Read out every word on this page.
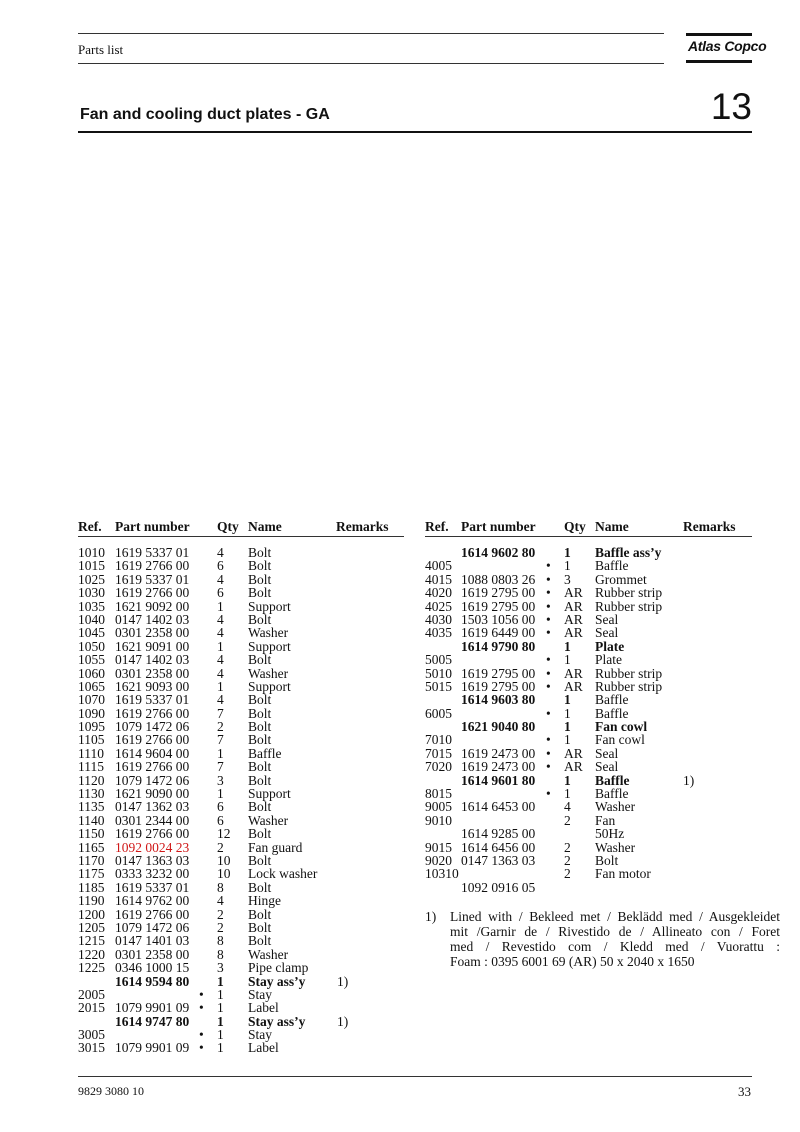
Parts list	Atlas Copco
Fan and cooling duct plates - GA	13
Ref. Part number Qty Name	Remarks
1010 1619 5337 01 4 Bolt
1015 1619 2766 00 6 Bolt
1025 1619 5337 01 4 Bolt
1030 1619 2766 00 6 Bolt
1035 1621 9092 00 1 Support
1040 0147 1402 03 4 Bolt
1045 0301 2358 00 4 Washer
1050 1621 9091 00 1 Support
1055 0147 1402 03 4 Bolt
1060 0301 2358 00 4 Washer
1065 1621 9093 00 1 Support
1070 1619 5337 01 4 Bolt
1090 1619 2766 00 7 Bolt
1095 1079 1472 06 2 Bolt
1105 1619 2766 00 7 Bolt
1110 1614 9604 00 1 Baffle
1115 1619 2766 00 7 Bolt
1120 1079 1472 06 3 Bolt
1130 1621 9090 00 1 Support
1135 0147 1362 03 6 Bolt
1140 0301 2344 00 6 Washer
1150 1619 2766 00 12 Bolt
1165 1092 0024 23 2 Fan guard
1170 0147 1363 03 10 Bolt
1175 0333 3232 00 10 Lock washer
1185 1619 5337 01 8 Bolt
1190 1614 9762 00 4 Hinge
1200 1619 2766 00 2 Bolt
1205 1079 1472 06 2 Bolt
1215 0147 1401 03 8 Bolt
1220 0301 2358 00 8 Washer
1225 0346 1000 15 3 Pipe clamp
1614 9594 80 1 Stay ass’y 1)
2005	• 1 Stay
2015 1079 9901 09 • 1 Label
1614 9747 80 1 Stay ass’y 1)
3005	• 1 Stay
3015 1079 9901 09 • 1 Label
Ref. Part number Qty Name	Remarks
1614 9602 80 1 Baffle ass’y
4005	• 1 Baffle
4015 1088 0803 26 • 3 Grommet
4020 1619 2795 00 • AR Rubber strip
4025 1619 2795 00 • AR Rubber strip
4030 1503 1056 00 • AR Seal
4035 1619 6449 00 • AR Seal
1614 9790 80 1 Plate
5005	• 1 Plate
5010 1619 2795 00 • AR Rubber strip
5015 1619 2795 00 • AR Rubber strip
1614 9603 80 1 Baffle
6005	• 1 Baffle
1621 9040 80 1 Fan cowl
7010	• 1 Fan cowl
7015 1619 2473 00 • AR Seal
7020 1619 2473 00 • AR Seal
1614 9601 80 1 Baffle	1)
8015	• 1 Baffle
9005 1614 6453 00 4 Washer
9010	2 Fan
1614 9285 00	50Hz
9015 1614 6456 00 2 Washer
9020 0147 1363 03 2 Bolt
10310	2 Fan motor
1092 0916 05
1) Lined with / Bekleed met / Beklädd med / Ausgekleidet
mit /Garnir de / Rivestido de / Allineato con / Foret
med / Revestido com / Kledd med / Vuorattu :
Foam : 0395 6001 69 (AR) 50 x 2040 x 1650
9829 3080 10	33
